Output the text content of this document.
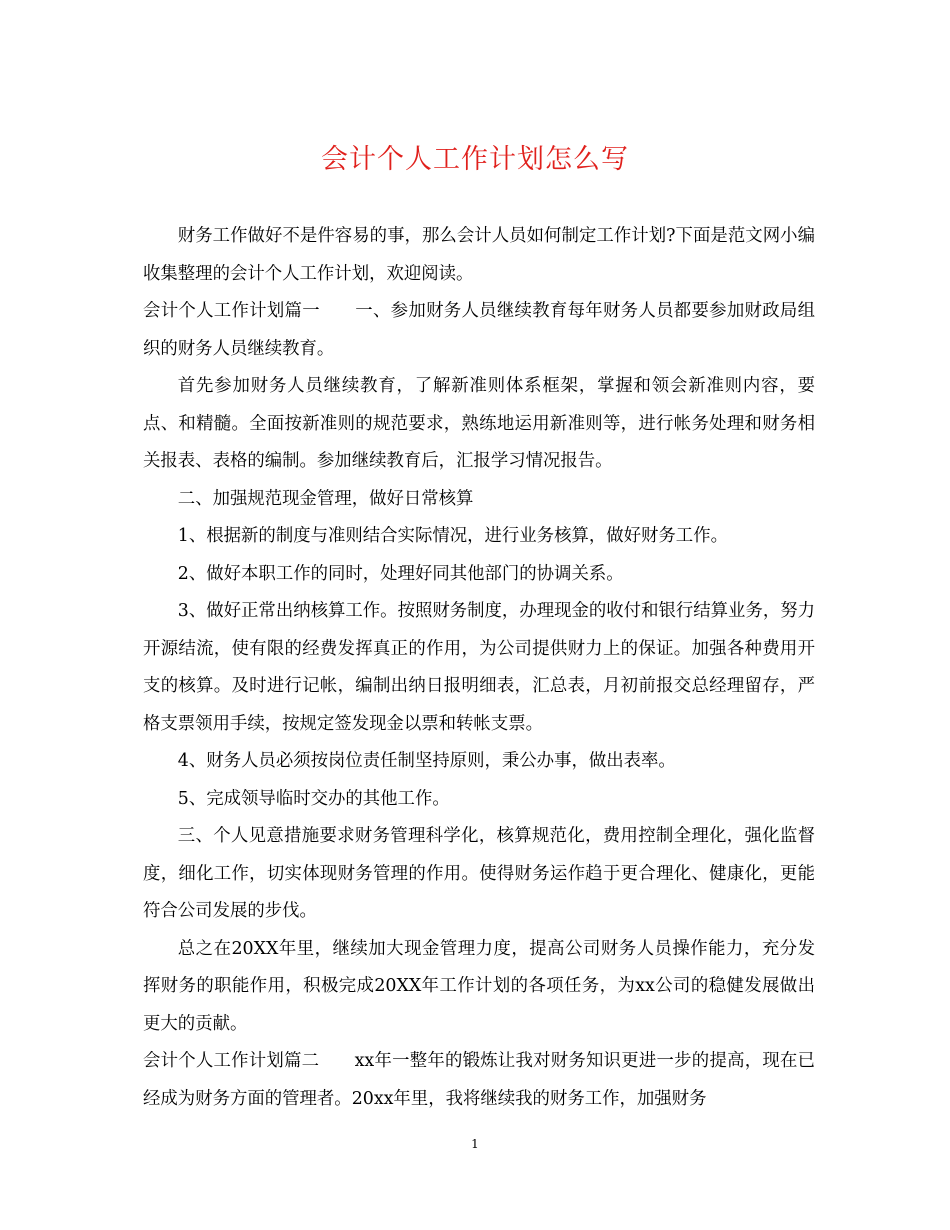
会计个人工作计划怎么写

财务工作做好不是件容易的事，那么会计人员如何制定工作计划?下面是范文网小编收集整理的会计个人工作计划，欢迎阅读。

会计个人工作计划篇一　　一、参加财务人员继续教育每年财务人员都要参加财政局组织的财务人员继续教育。

首先参加财务人员继续教育，了解新准则体系框架，掌握和领会新准则内容，要点、和精髓。全面按新准则的规范要求，熟练地运用新准则等，进行帐务处理和财务相关报表、表格的编制。参加继续教育后，汇报学习情况报告。

二、加强规范现金管理，做好日常核算

1、根据新的制度与准则结合实际情况，进行业务核算，做好财务工作。

2、做好本职工作的同时，处理好同其他部门的协调关系。

3、做好正常出纳核算工作。按照财务制度，办理现金的收付和银行结算业务，努力开源结流，使有限的经费发挥真正的作用，为公司提供财力上的保证。加强各种费用开支的核算。及时进行记帐，编制出纳日报明细表，汇总表，月初前报交总经理留存，严格支票领用手续，按规定签发现金以票和转帐支票。

4、财务人员必须按岗位责任制坚持原则，秉公办事，做出表率。

5、完成领导临时交办的其他工作。

三、个人见意措施要求财务管理科学化，核算规范化，费用控制全理化，强化监督度，细化工作，切实体现财务管理的作用。使得财务运作趋于更合理化、健康化，更能符合公司发展的步伐。

总之在20XX年里，继续加大现金管理力度，提高公司财务人员操作能力，充分发挥财务的职能作用，积极完成20XX年工作计划的各项任务，为xx公司的稳健发展做出更大的贡献。

会计个人工作计划篇二　　xx年一整年的锻炼让我对财务知识更进一步的提高，现在已经成为财务方面的管理者。20xx年里，我将继续我的财务工作，加强财务

1
